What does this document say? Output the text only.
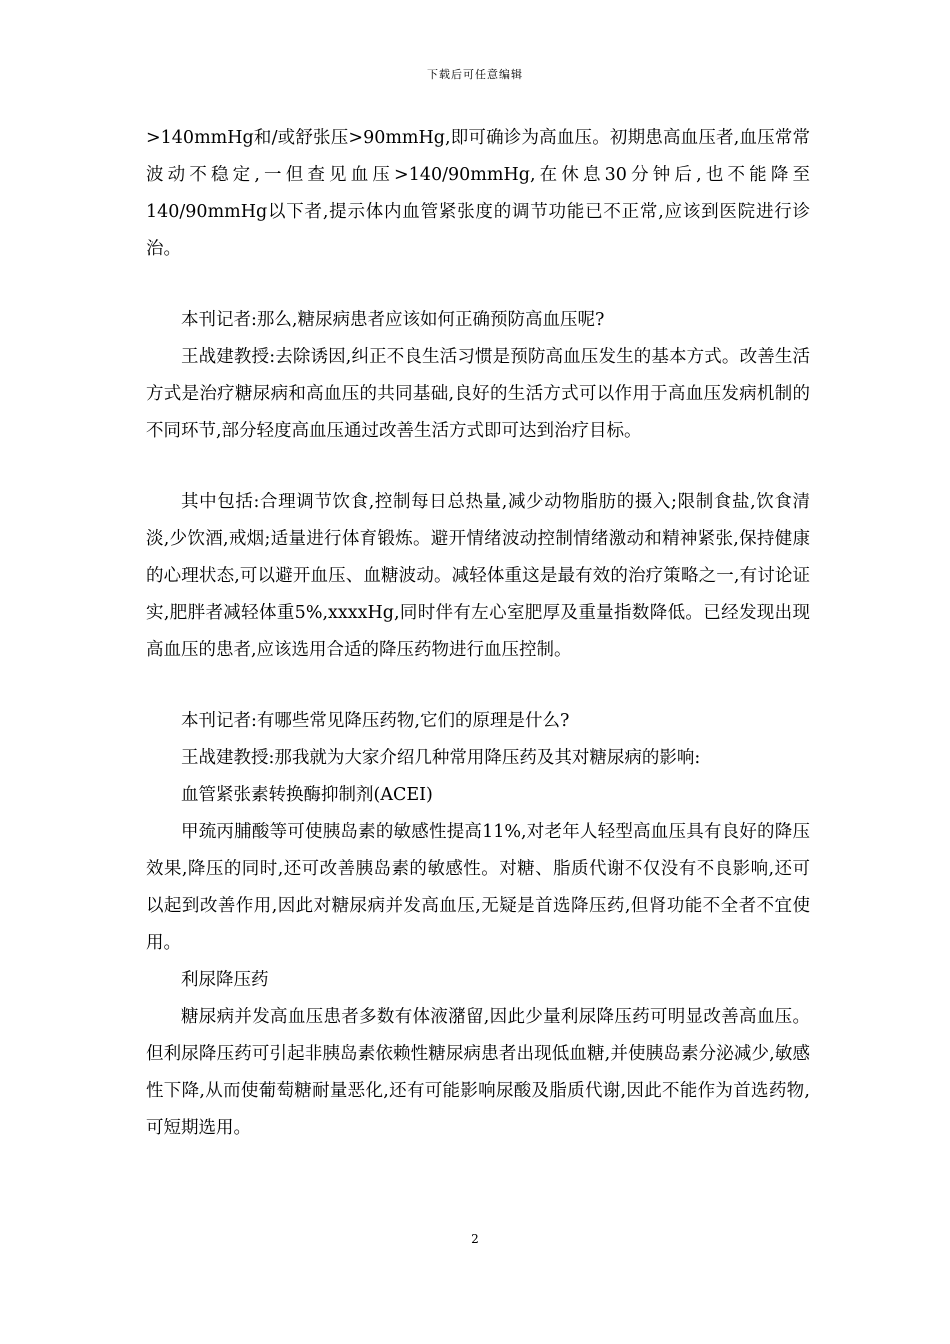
下载后可任意编辑

>140mmHg和/或舒张压>90mmHg,即可确诊为高血压。初期患高血压者,血压常常波动不稳定,一但查见血压>140/90mmHg,在休息30分钟后,也不能降至140/90mmHg以下者,提示体内血管紧张度的调节功能已不正常,应该到医院进行诊治。

本刊记者:那么,糖尿病患者应该如何正确预防高血压呢?

王战建教授:去除诱因,纠正不良生活习惯是预防高血压发生的基本方式。改善生活方式是治疗糖尿病和高血压的共同基础,良好的生活方式可以作用于高血压发病机制的不同环节,部分轻度高血压通过改善生活方式即可达到治疗目标。

其中包括:合理调节饮食,控制每日总热量,减少动物脂肪的摄入;限制食盐,饮食清淡,少饮酒,戒烟;适量进行体育锻炼。避开情绪波动控制情绪激动和精神紧张,保持健康的心理状态,可以避开血压、血糖波动。减轻体重这是最有效的治疗策略之一,有讨论证实,肥胖者减轻体重5%,xxxxHg,同时伴有左心室肥厚及重量指数降低。已经发现出现高血压的患者,应该选用合适的降压药物进行血压控制。

本刊记者:有哪些常见降压药物,它们的原理是什么?

王战建教授:那我就为大家介绍几种常用降压药及其对糖尿病的影响:

血管紧张素转换酶抑制剂(ACEI)

甲巯丙脯酸等可使胰岛素的敏感性提高11%,对老年人轻型高血压具有良好的降压效果,降压的同时,还可改善胰岛素的敏感性。对糖、脂质代谢不仅没有不良影响,还可以起到改善作用,因此对糖尿病并发高血压,无疑是首选降压药,但肾功能不全者不宜使用。

利尿降压药

糖尿病并发高血压患者多数有体液潴留,因此少量利尿降压药可明显改善高血压。但利尿降压药可引起非胰岛素依赖性糖尿病患者出现低血糖,并使胰岛素分泌减少,敏感性下降,从而使葡萄糖耐量恶化,还有可能影响尿酸及脂质代谢,因此不能作为首选药物,可短期选用。

2
